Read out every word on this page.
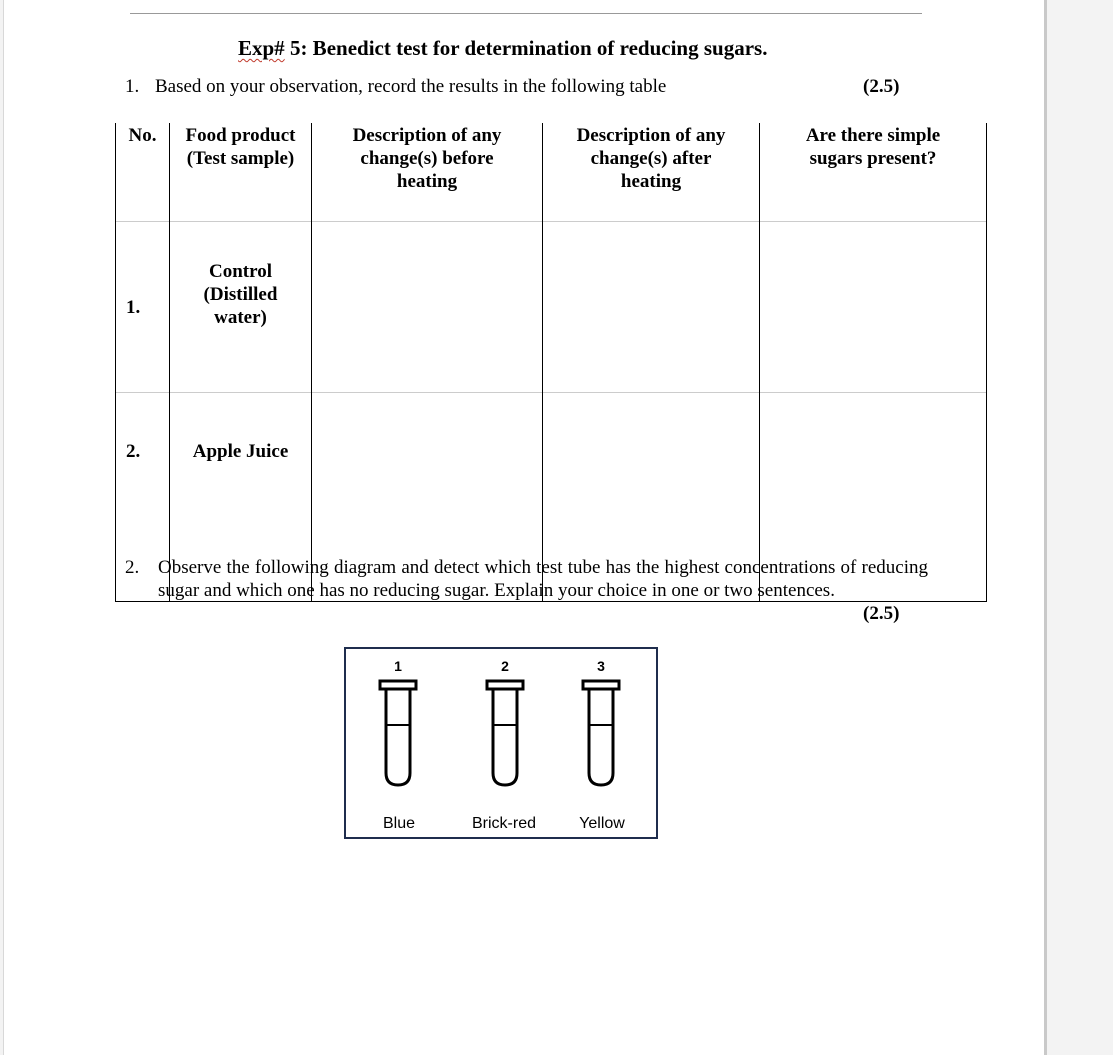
Exp# 5: Benedict test for determination of reducing sugars.
1. Based on your observation, record the results in the following table	(2.5)
No.	Food product (Test sample)	Description of any change(s) before heating	Description of any change(s) after heating	Are there simple sugars present?
1.	Control (Distilled water)			
2.	Apple Juice			
2. Observe the following diagram and detect which test tube has the highest concentrations of reducing sugar and which one has no reducing sugar. Explain your choice in one or two sentences.

(2.5)
1	2	3
Blue	Brick-red	Yellow
